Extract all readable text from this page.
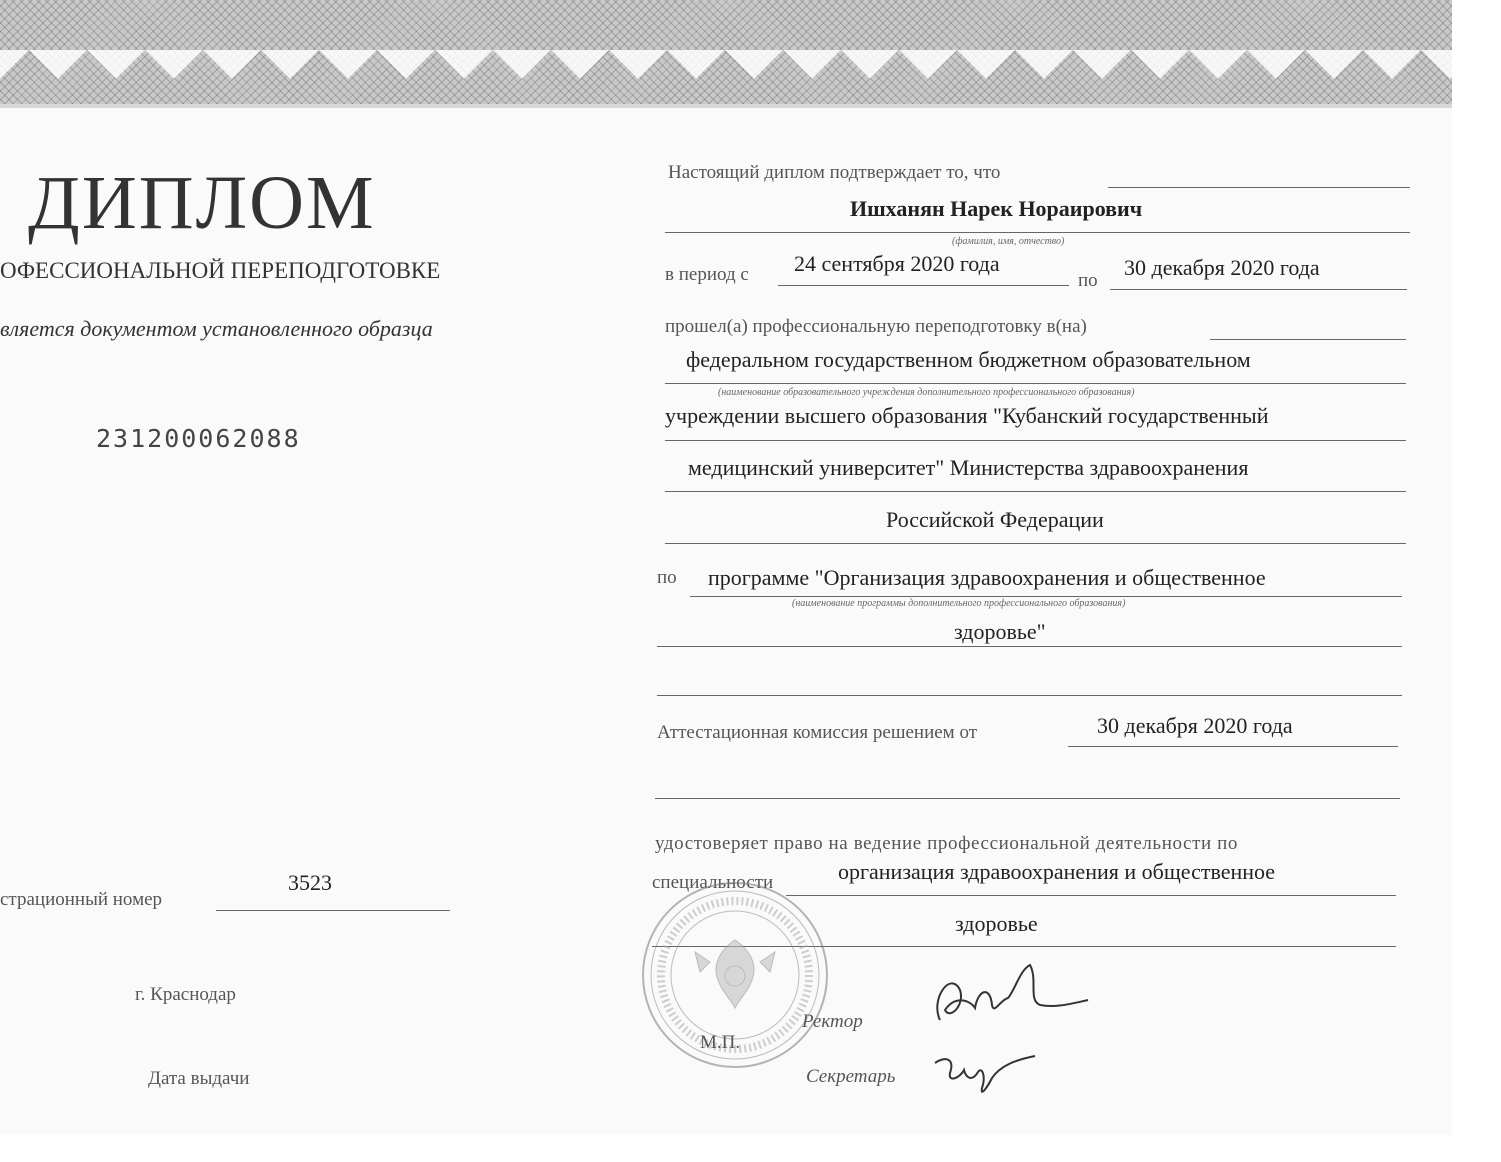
ДИПЛОМ
ОФЕССИОНАЛЬНОЙ ПЕРЕПОДГОТОВКЕ
вляется документом установленного образца
231200062088
страционный номер
3523
г. Краснодар
Дата выдачи
Настоящий диплом подтверждает то, что
Ишханян Нарек Нораирович
(фамилия, имя, отчество)
в период с 24 сентября 2020 года
по
30 декабря 2020 года
прошел(а) профессиональную переподготовку в(на)
федеральном государственном бюджетном образовательном
(наименование образовательного учреждения дополнительного профессионального образования)
учреждении высшего образования "Кубанский государственный
медицинский университет" Министерства здравоохранения
Российской Федерации
по программе "Организация здравоохранения и общественное
(наименование программы дополнительного профессионального образования)
здоровье"
Аттестационная комиссия решением от	30 декабря 2020 года
удостоверяет право на ведение профессиональной деятельности по
специальности	организация здравоохранения и общественное
здоровье
М.П.
Ректор
Секретарь
